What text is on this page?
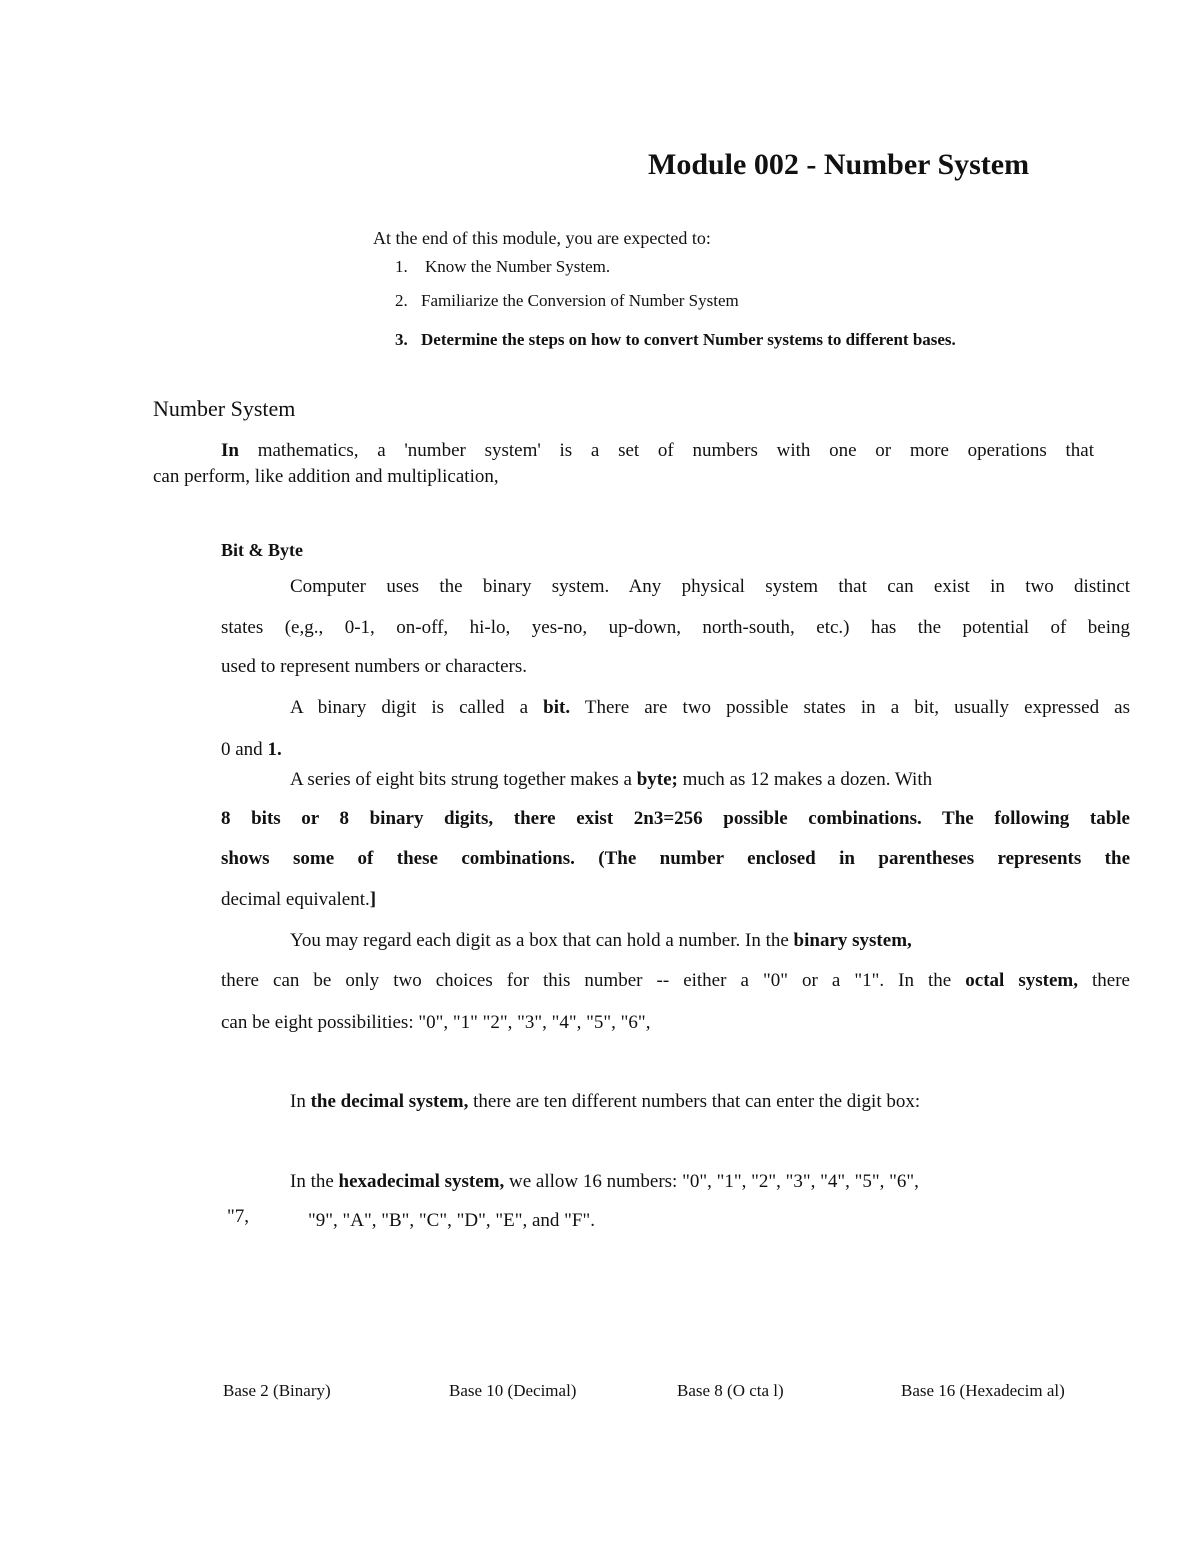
Module 002 - Number System
At the end of this module, you are expected to:
1. Know the Number System.
2. Familiarize the Conversion of Number System
3. Determine the steps on how to convert Number systems to different bases.
Number System
In mathematics, a 'number system' is a set of numbers with one or more operations that
can perform, like addition and multiplication,
Bit & Byte
Computer uses the binary system. Any physical system that can exist in two distinct
states (e,g., 0-1, on-off, hi-lo, yes-no, up-down, north-south, etc.) has the potential of being
used to represent numbers or characters.
A binary digit is called a bit. There are two possible states in a bit, usually expressed as
0 and 1.
A series of eight bits strung together makes a byte; much as 12 makes a dozen. With
8 bits or 8 binary digits, there exist 2n3=256 possible combinations. The following table
shows some of these combinations. (The number enclosed in parentheses represents the
decimal equivalent.]
You may regard each digit as a box that can hold a number. In the binary system,
there can be only two choices for this number -- either a "0" or a "1". In the octal system, there
can be eight possibilities: "0", "1" "2", "3", "4", "5", "6",
In the decimal system, there are ten different numbers that can enter the digit box:
In the hexadecimal system, we allow 16 numbers: "0", "1", "2", "3", "4", "5", "6",
"7,	"9", "A", "B", "C", "D", "E", and "F".
Base 2 (Binary)	Base 10 (Decimal)	Base 8 (O cta l)	Base 16 (Hexadecim al)
